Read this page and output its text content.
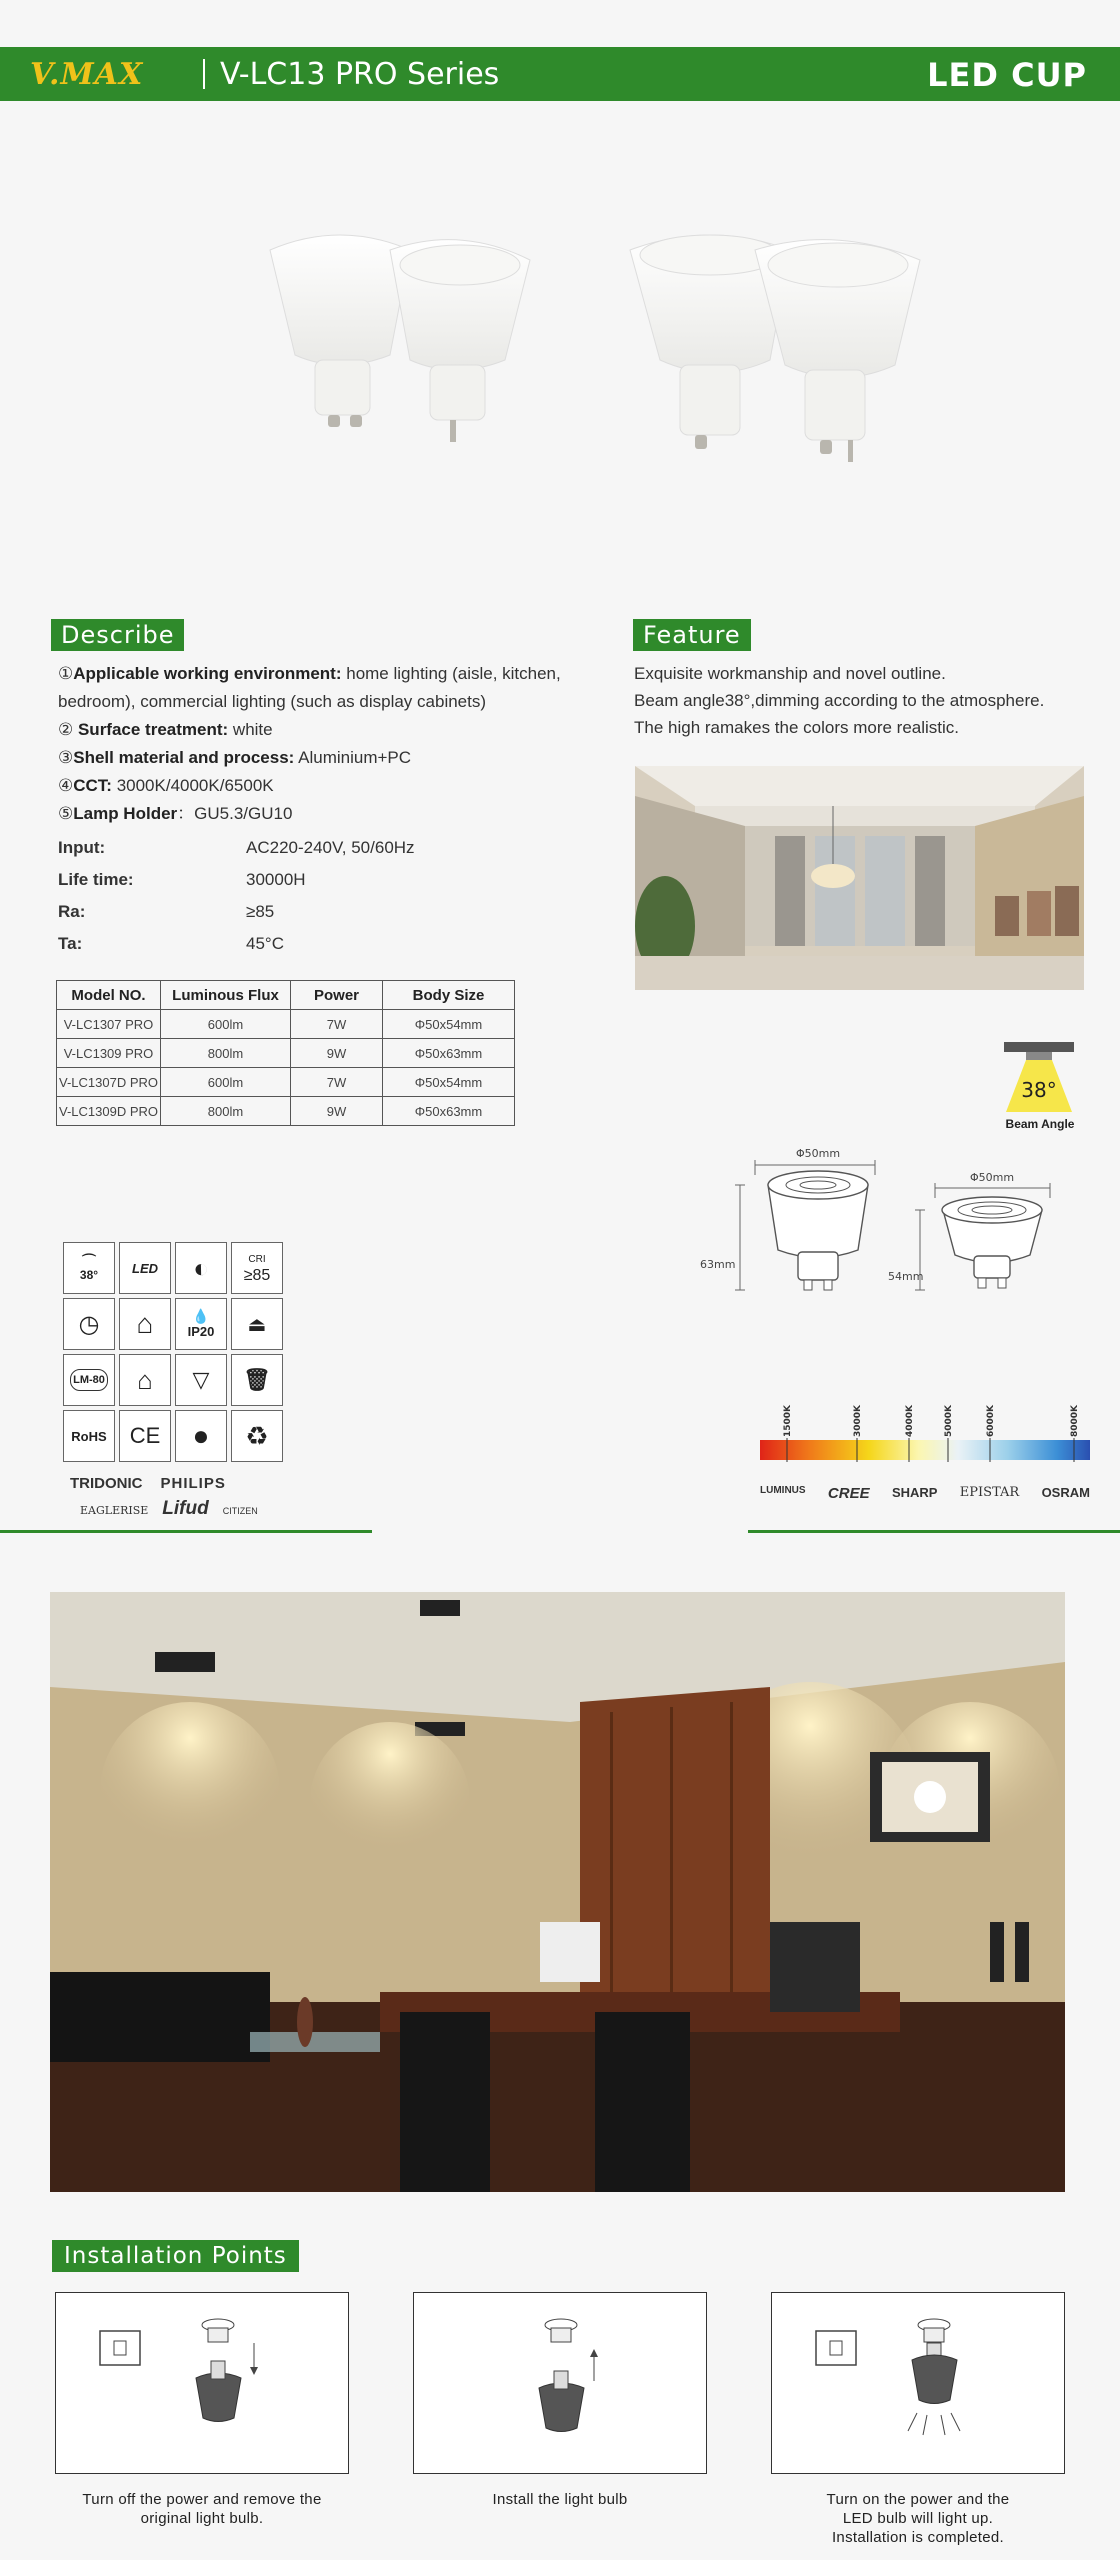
V.MAX	V-LC13 PRO Series	LED CUP
Describe
①Applicable working environment: home lighting (aisle, kitchen, bedroom), commercial lighting (such as display cabinets)
② Surface treatment: white
③Shell material and process: Aluminium+PC
④CCT: 3000K/4000K/6500K
⑤Lamp Holder：GU5.3/GU10
Input:	AC220-240V, 50/60Hz
Life time:	30000H
Ra:	≥85
Ta:	45°C
Model NO.	Luminous Flux	Power	Body Size
V-LC1307 PRO	600lm	7W	Φ50x54mm
V-LC1309 PRO	800lm	9W	Φ50x63mm
V-LC1307D PRO	600lm	7W	Φ50x54mm
V-LC1309D PRO	800lm	9W	Φ50x63mm
Feature
Exquisite workmanship and novel outline.
Beam angle38°,dimming according to the atmosphere.
The high ramakes the colors more realistic.
38°
Beam Angle
Φ50mm
63mm
Φ50mm
54mm
⌒
38°	LED ◐	CRI
≥85
◷ ⌂	💧
IP20 ⏏
LM-80 ⌂ ▽ 🗑
RoHS CE ● ♻
TRIDONIC PHILIPS
EAGLERISE Lifud CITIZEN
1500K	3000K	4000K	5000K	6000K	8000K
LUMINUS CREE SHARP EPISTAR OSRAM
Installation Points
Turn off the power and remove the original light bulb.
Install the light bulb	Turn on the power and the LED bulb will light up. Installation is completed.
